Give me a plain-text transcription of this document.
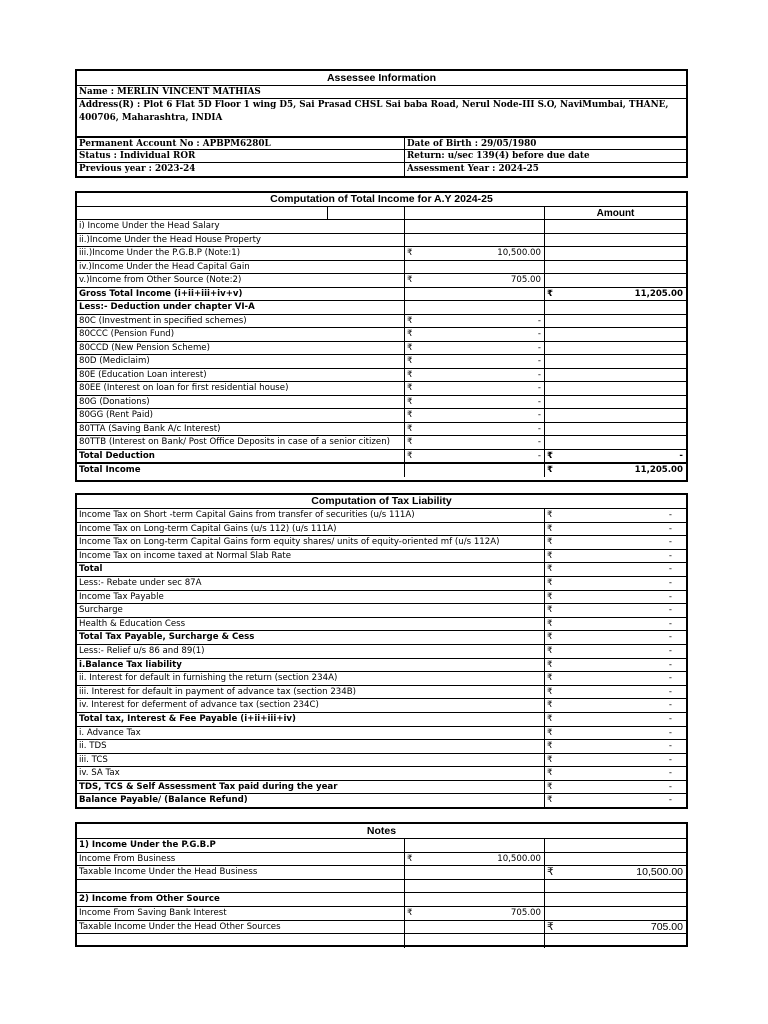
Assessee Information
Name : MERLIN VINCENT MATHIAS
Address(R) : Plot 6 Flat 5D Floor 1 wing D5, Sai Prasad CHSL Sai baba Road, Nerul Node-III S.O, NaviMumbai, THANE,
400706, Maharashtra, INDIA
Permanent Account No : APBPM6280L	Date of Birth : 29/05/1980
Status : Individual ROR	Return: u/sec 139(4) before due date
Previous year : 2023-24	Assessment Year : 2024-25
Computation of Total Income for A.Y 2024-25
Amount
i) Income Under the Head Salary
ii.)Income Under the Head House Property
iii.)Income Under the P.G.B.P (Note:1)	₹	10,500.00
iv.)Income Under the Head Capital Gain
v.)Income from Other Source (Note:2)	₹	705.00
Gross Total Income (i+ii+iii+iv+v)	₹	11,205.00
Less:- Deduction under chapter VI-A
80C (Investment in specified schemes)	₹	-
80CCC (Pension Fund)	₹	-
80CCD (New Pension Scheme)	₹	-
80D (Mediclaim)	₹	-
80E (Education Loan interest)	₹	-
80EE (Interest on loan for first residential house)	₹	-
80G (Donations)	₹	-
80GG (Rent Paid)	₹	-
80TTA (Saving Bank A/c Interest)	₹	-
80TTB (Interest on Bank/ Post Office Deposits in case of a senior citizen)	₹	-
Total Deduction	₹	- ₹	-
Total Income	₹	11,205.00
Computation of Tax Liability
Income Tax on Short -term Capital Gains from transfer of securities (u/s 111A)	₹	-
Income Tax on Long-term Capital Gains (u/s 112) (u/s 111A)	₹	-
Income Tax on Long-term Capital Gains form equity shares/ units of equity-oriented mf (u/s 112A)	₹	-
Income Tax on income taxed at Normal Slab Rate	₹	-
Total	₹	-
Less:- Rebate under sec 87A	₹	-
Income Tax Payable	₹	-
Surcharge	₹	-
Health & Education Cess	₹	-
Total Tax Payable, Surcharge & Cess	₹	-
Less:- Relief u/s 86 and 89(1)	₹	-
i.Balance Tax liability	₹	-
ii. Interest for default in furnishing the return (section 234A)	₹	-
iii. Interest for default in payment of advance tax (section 234B)	₹	-
iv. Interest for deferment of advance tax (section 234C)	₹	-
Total tax, Interest & Fee Payable (i+ii+iii+iv)	₹	-
i. Advance Tax	₹	-
ii. TDS	₹	-
iii. TCS	₹	-
iv. SA Tax	₹	-
TDS, TCS & Self Assessment Tax paid during the year	₹	-
Balance Payable/ (Balance Refund)	₹	-
Notes
1) Income Under the P.G.B.P
Income From Business	₹	10,500.00
Taxable Income Under the Head Business	₹	10,500.00
2) Income from Other Source
Income From Saving Bank Interest	₹	705.00
Taxable Income Under the Head Other Sources	₹	705.00
